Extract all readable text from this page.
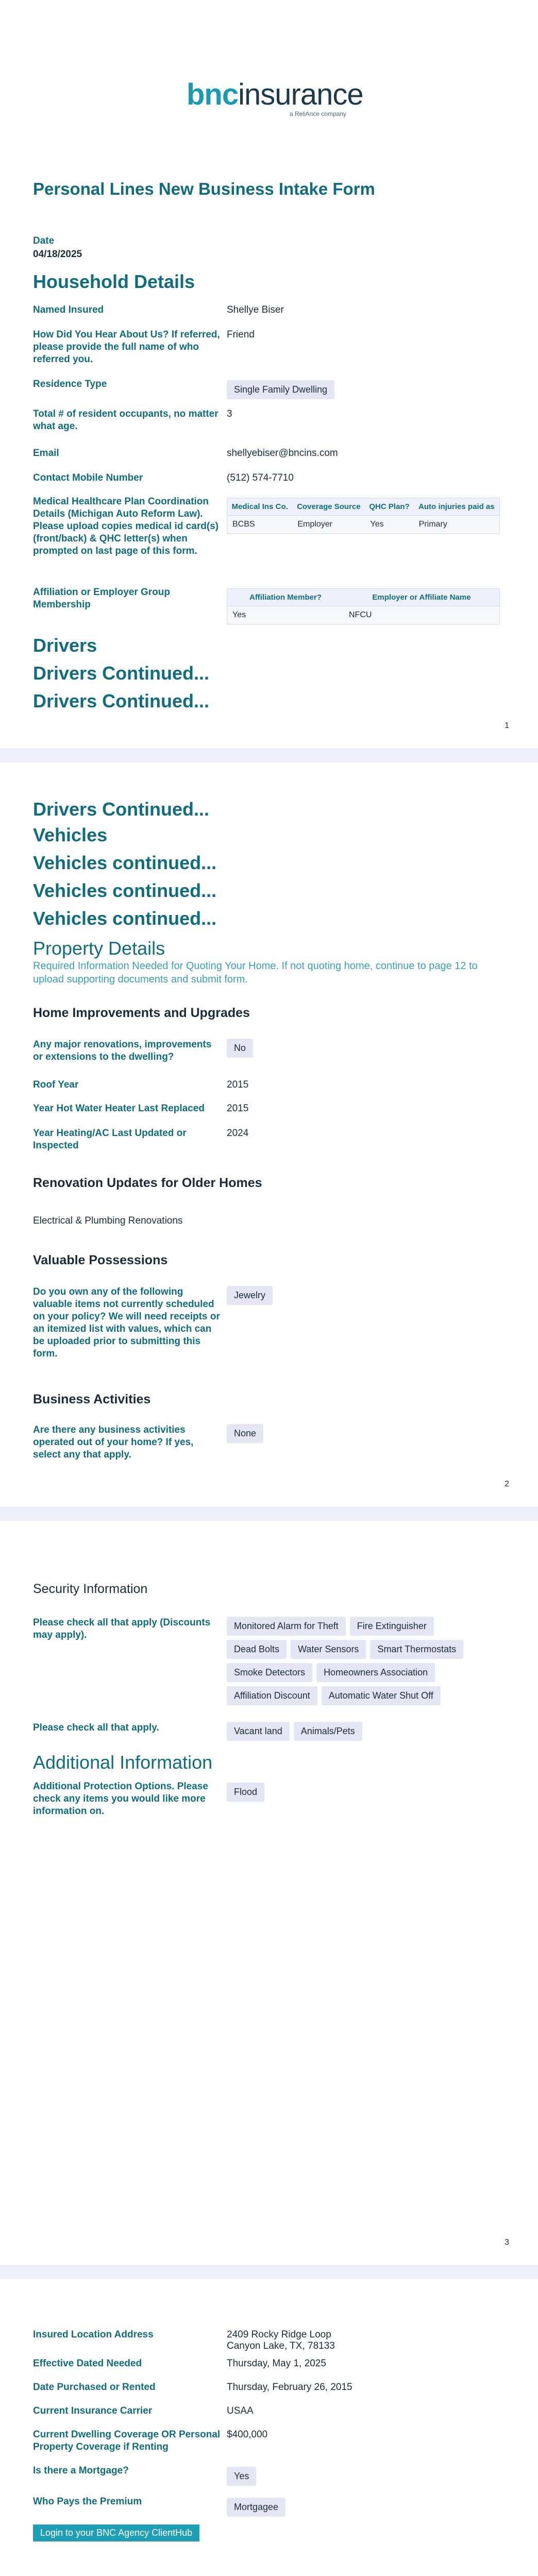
bncinsurance
a ReliAnce company
Personal Lines New Business Intake Form
Date
04/18/2025
Household Details
Named Insured	Shellye Biser
How Did You Hear About Us? If referred, please provide the full name of who referred you.
Friend
Residence Type	Single Family Dwelling
Total # of resident occupants, no matter what age.
3
Email	shellyebiser@bncins.com
Contact Mobile Number	(512) 574-7710
Medical Healthcare Plan Coordination Details (Michigan Auto Reform Law). Please upload copies medical id card(s) (front/back) & QHC letter(s) when prompted on last page of this form.
Medical Ins Co.	Coverage Source	QHC Plan?	Auto injuries paid as
BCBS	Employer	Yes	Primary
Affiliation or Employer Group Membership
Affiliation Member?	Employer or Affiliate Name
Yes	NFCU
Drivers
Drivers Continued...
Drivers Continued...
1
Drivers Continued...
Vehicles
Vehicles continued...
Vehicles continued...
Vehicles continued...
Property Details
Required Information Needed for Quoting Your Home. If not quoting home, continue to page 12 to upload supporting documents and submit form.
Home Improvements and Upgrades
Any major renovations, improvements or extensions to the dwelling?
No
Roof Year	2015
Year Hot Water Heater Last Replaced	2015
Year Heating/AC Last Updated or Inspected
2024
Renovation Updates for Older Homes
Electrical & Plumbing Renovations
Valuable Possessions
Do you own any of the following valuable items not currently scheduled on your policy? We will need receipts or an itemized list with values, which can be uploaded prior to submitting this form.
Jewelry
Business Activities
Are there any business activities operated out of your home? If yes, select any that apply.
None
2
Security Information
Please check all that apply (Discounts may apply).
Monitored Alarm for Theft	Fire Extinguisher
Dead Bolts	Water Sensors	Smart Thermostats
Smoke Detectors	Homeowners Association
Affiliation Discount	Automatic Water Shut Off
Please check all that apply.	Vacant land	Animals/Pets
Additional Information
Additional Protection Options. Please check any items you would like more information on.
Flood
3
Insured Location Address	2409 Rocky Ridge Loop
Canyon Lake, TX, 78133
Effective Dated Needed	Thursday, May 1, 2025
Date Purchased or Rented	Thursday, February 26, 2015
Current Insurance Carrier	USAA
Current Dwelling Coverage OR Personal Property Coverage if Renting
$400,000
Is there a Mortgage?	Yes
Who Pays the Premium	Mortgagee
Login to your BNC Agency ClientHub
